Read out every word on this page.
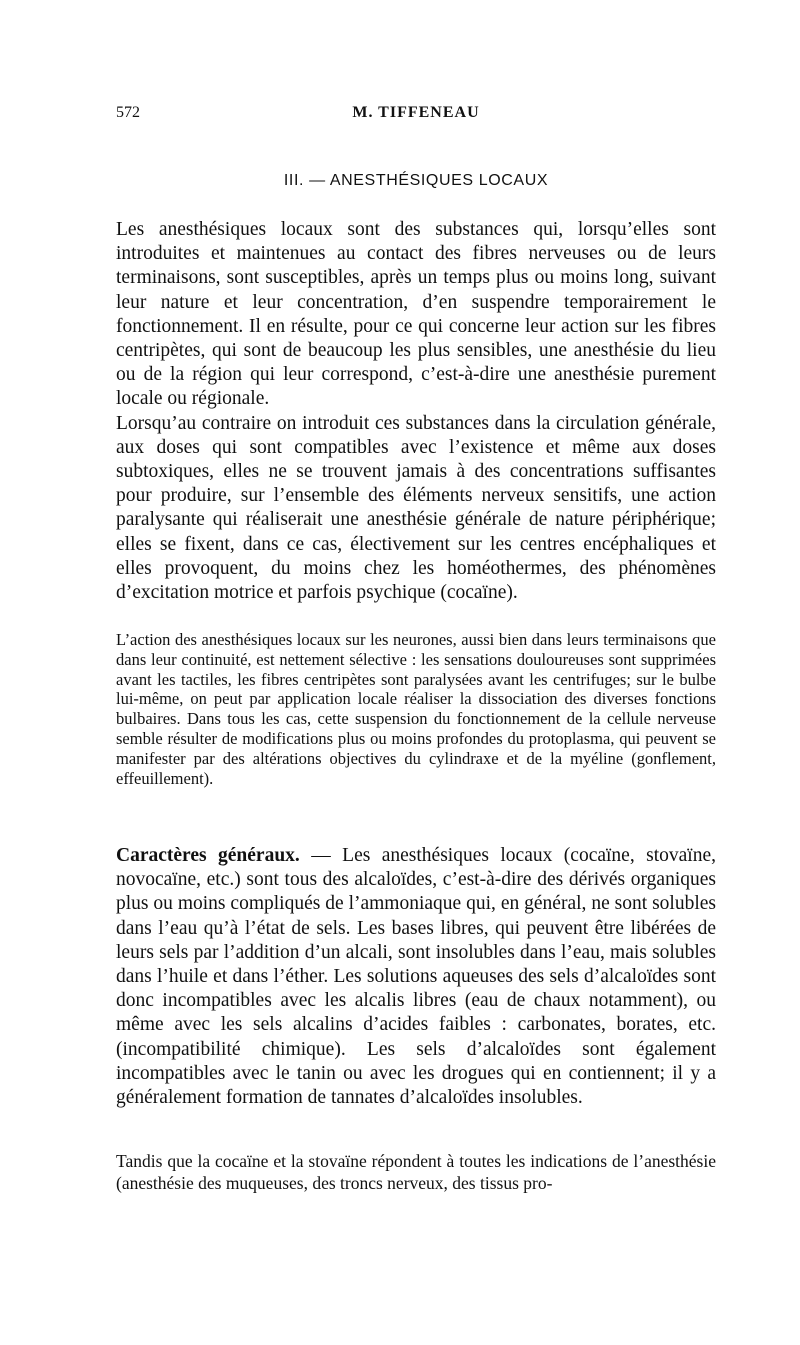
572	M. TIFFENEAU
III. — ANESTHÉSIQUES LOCAUX

Les anesthésiques locaux sont des substances qui, lorsqu’elles sont introduites et maintenues au contact des fibres nerveuses ou de leurs terminaisons, sont susceptibles, après un temps plus ou moins long, suivant leur nature et leur concentration, d’en suspendre temporairement le fonctionnement. Il en résulte, pour ce qui concerne leur action sur les fibres centripètes, qui sont de beaucoup les plus sensibles, une anesthésie du lieu ou de la région qui leur correspond, c’est-à-dire une anesthésie purement locale ou régionale.

Lorsqu’au contraire on introduit ces substances dans la circulation générale, aux doses qui sont compatibles avec l’existence et même aux doses subtoxiques, elles ne se trouvent jamais à des concentrations suffisantes pour produire, sur l’ensemble des éléments nerveux sensitifs, une action paralysante qui réaliserait une anesthésie générale de nature périphérique; elles se fixent, dans ce cas, électivement sur les centres encéphaliques et elles provoquent, du moins chez les homéothermes, des phénomènes d’excitation motrice et parfois psychique (cocaïne).

L’action des anesthésiques locaux sur les neurones, aussi bien dans leurs terminaisons que dans leur continuité, est nettement sélective : les sensations douloureuses sont supprimées avant les tactiles, les fibres centripètes sont paralysées avant les centrifuges; sur le bulbe lui-même, on peut par application locale réaliser la dissociation des diverses fonctions bulbaires. Dans tous les cas, cette suspension du fonctionnement de la cellule nerveuse semble résulter de modifications plus ou moins profondes du protoplasma, qui peuvent se manifester par des altérations objectives du cylindraxe et de la myéline (gonflement, effeuillement).

Caractères généraux. — Les anesthésiques locaux (cocaïne, stovaïne, novocaïne, etc.) sont tous des alcaloïdes, c’est-à-dire des dérivés organiques plus ou moins compliqués de l’ammoniaque qui, en général, ne sont solubles dans l’eau qu’à l’état de sels. Les bases libres, qui peuvent être libérées de leurs sels par l’addition d’un alcali, sont insolubles dans l’eau, mais solubles dans l’huile et dans l’éther. Les solutions aqueuses des sels d’alcaloïdes sont donc incompatibles avec les alcalis libres (eau de chaux notamment), ou même avec les sels alcalins d’acides faibles : carbonates, borates, etc. (incompatibilité chimique). Les sels d’alcaloïdes sont également incompatibles avec le tanin ou avec les drogues qui en contiennent; il y a généralement formation de tannates d’alcaloïdes insolubles.

Tandis que la cocaïne et la stovaïne répondent à toutes les indications de l’anesthésie (anesthésie des muqueuses, des troncs nerveux, des tissus pro-
